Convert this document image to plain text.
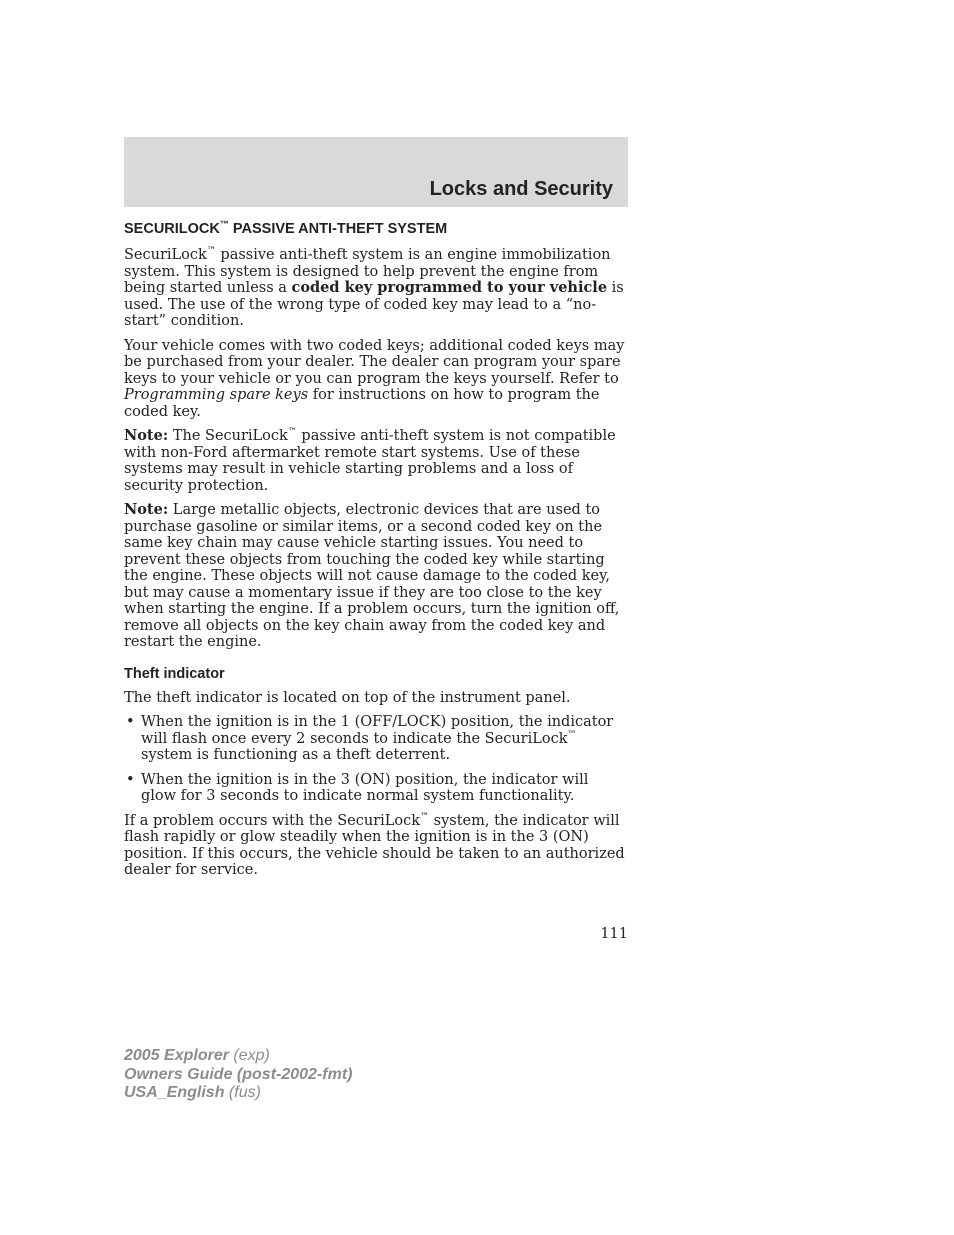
Locks and Security
SECURILOCK™ PASSIVE ANTI-THEFT SYSTEM

SecuriLock™ passive anti-theft system is an engine immobilization system. This system is designed to help prevent the engine from being started unless a coded key programmed to your vehicle is used. The use of the wrong type of coded key may lead to a “no-start” condition.

Your vehicle comes with two coded keys; additional coded keys may be purchased from your dealer. The dealer can program your spare keys to your vehicle or you can program the keys yourself. Refer to Programming spare keys for instructions on how to program the coded key.

Note: The SecuriLock™ passive anti-theft system is not compatible with non-Ford aftermarket remote start systems. Use of these systems may result in vehicle starting problems and a loss of security protection.

Note: Large metallic objects, electronic devices that are used to purchase gasoline or similar items, or a second coded key on the same key chain may cause vehicle starting issues. You need to prevent these objects from touching the coded key while starting the engine. These objects will not cause damage to the coded key, but may cause a momentary issue if they are too close to the key when starting the engine. If a problem occurs, turn the ignition off, remove all objects on the key chain away from the coded key and restart the engine.

Theft indicator

The theft indicator is located on top of the instrument panel.

• When the ignition is in the 1 (OFF/LOCK) position, the indicator will flash once every 2 seconds to indicate the SecuriLock™ system is functioning as a theft deterrent.
• When the ignition is in the 3 (ON) position, the indicator will glow for 3 seconds to indicate normal system functionality.

If a problem occurs with the SecuriLock™ system, the indicator will flash rapidly or glow steadily when the ignition is in the 3 (ON) position. If this occurs, the vehicle should be taken to an authorized dealer for service.

111
2005 Explorer (exp)
Owners Guide (post-2002-fmt)
USA_English (fus)
